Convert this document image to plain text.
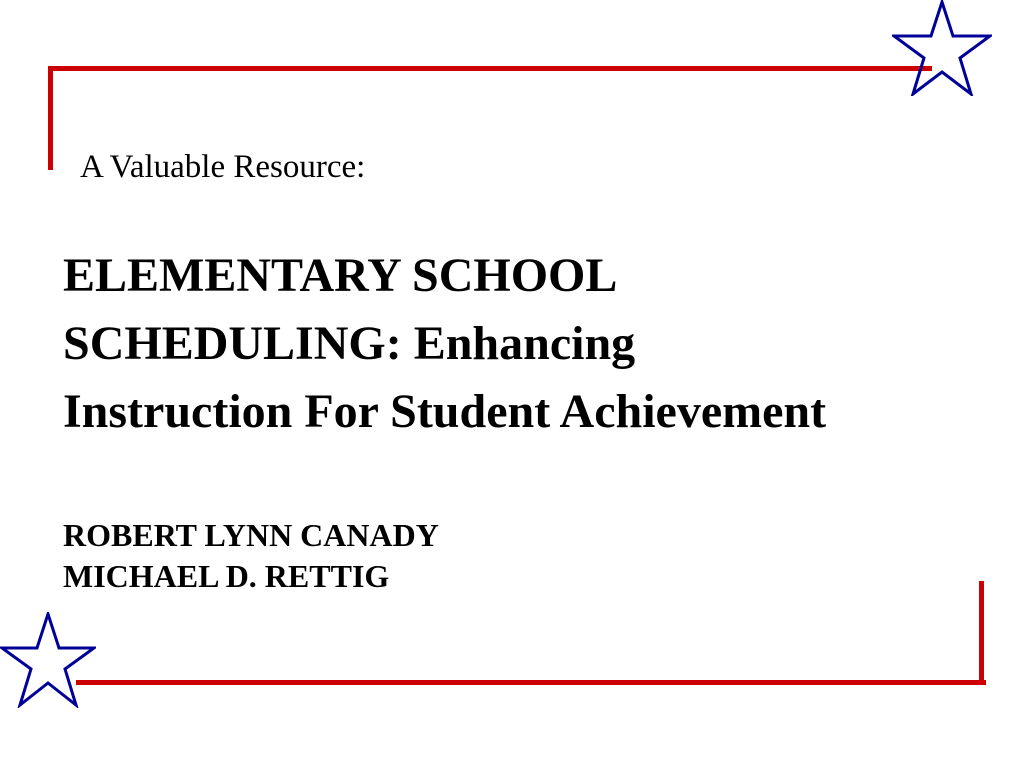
A Valuable Resource:
ELEMENTARY SCHOOL
SCHEDULING: Enhancing
Instruction For Student Achievement
ROBERT LYNN CANADY
MICHAEL D. RETTIG
